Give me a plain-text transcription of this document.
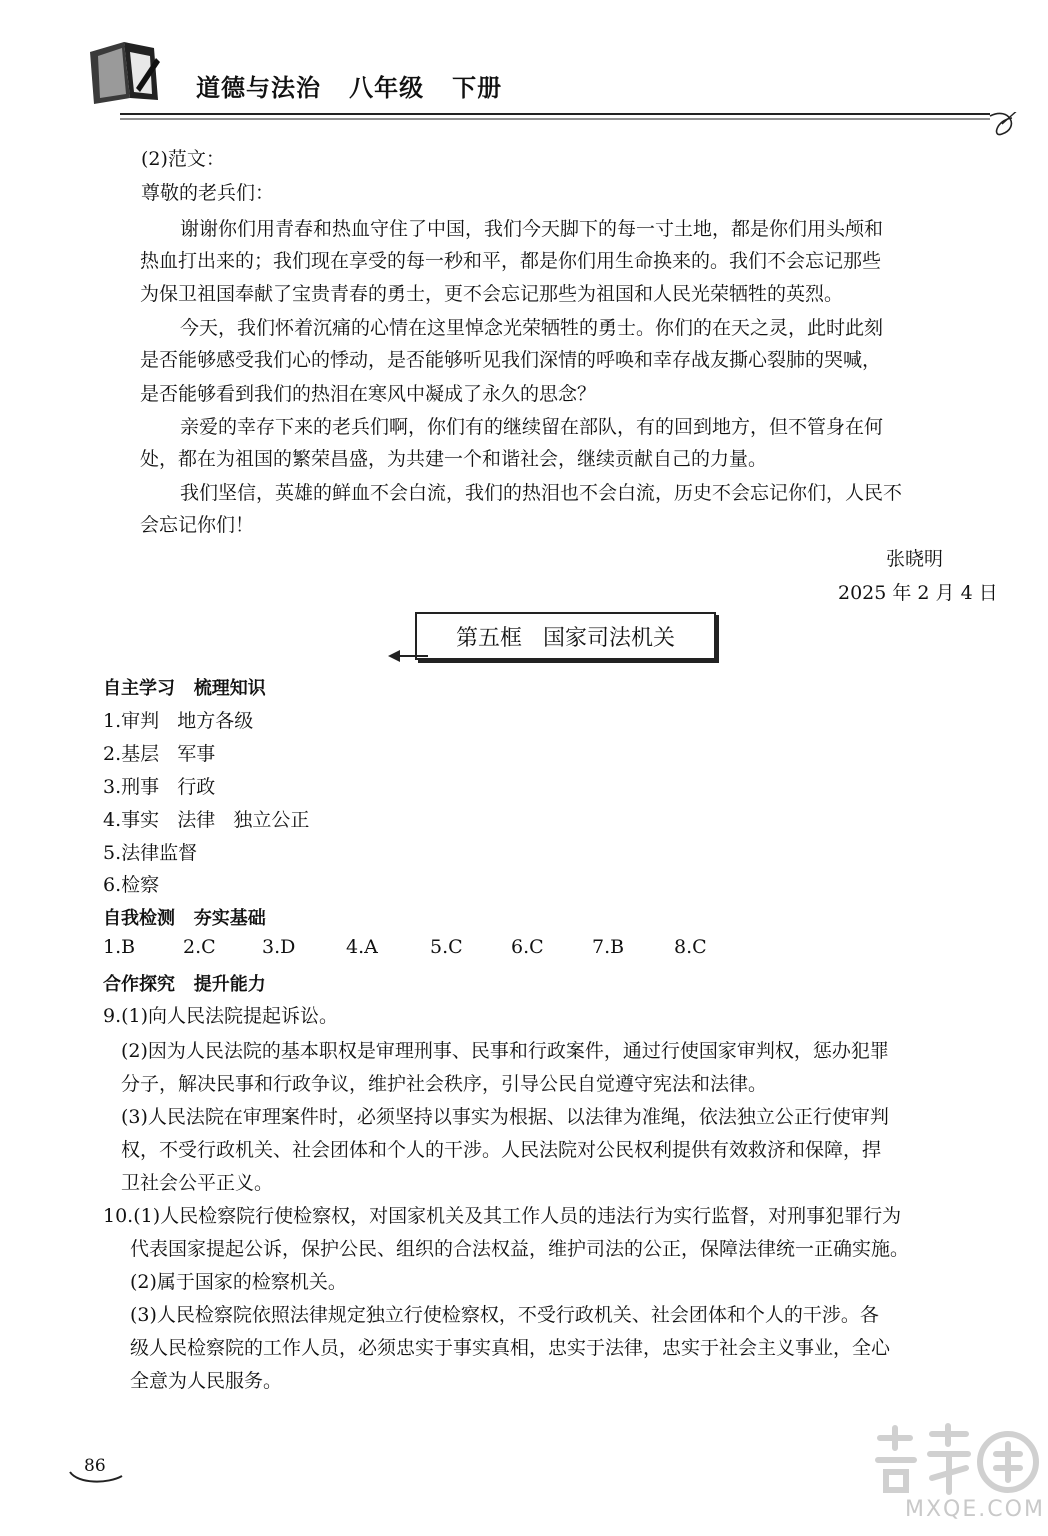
道德与法治   八年级   下册
(2)范文：
尊敬的老兵们：
谢谢你们用青春和热血守住了中国，我们今天脚下的每一寸土地，都是你们用头颅和
热血打出来的；我们现在享受的每一秒和平，都是你们用生命换来的。我们不会忘记那些
为保卫祖国奉献了宝贵青春的勇士，更不会忘记那些为祖国和人民光荣牺牲的英烈。
今天，我们怀着沉痛的心情在这里悼念光荣牺牲的勇士。你们的在天之灵，此时此刻
是否能够感受我们心的悸动，是否能够听见我们深情的呼唤和幸存战友撕心裂肺的哭喊，
是否能够看到我们的热泪在寒风中凝成了永久的思念？
亲爱的幸存下来的老兵们啊，你们有的继续留在部队，有的回到地方，但不管身在何
处，都在为祖国的繁荣昌盛，为共建一个和谐社会，继续贡献自己的力量。
我们坚信，英雄的鲜血不会白流，我们的热泪也不会白流，历史不会忘记你们，人民不
会忘记你们！
张晓明
2025 年 2 月 4 日
第五框   国家司法机关
自主学习   梳理知识
1.审判   地方各级
2.基层   军事
3.刑事   行政
4.事实   法律   独立公正
5.法律监督
6.检察
自我检测   夯实基础
1.B	2.C 3.D	4.A	5.C	6.C	7.B	8.C
合作探究   提升能力
9.(1)向人民法院提起诉讼。
(2)因为人民法院的基本职权是审理刑事、民事和行政案件，通过行使国家审判权，惩办犯罪
分子，解决民事和行政争议，维护社会秩序，引导公民自觉遵守宪法和法律。
(3)人民法院在审理案件时，必须坚持以事实为根据、以法律为准绳，依法独立公正行使审判
权，不受行政机关、社会团体和个人的干涉。人民法院对公民权利提供有效救济和保障，捍
卫社会公平正义。
10.(1)人民检察院行使检察权，对国家机关及其工作人员的违法行为实行监督，对刑事犯罪行为
代表国家提起公诉，保护公民、组织的合法权益，维护司法的公正，保障法律统一正确实施。
(2)属于国家的检察机关。
(3)人民检察院依照法律规定独立行使检察权，不受行政机关、社会团体和个人的干涉。各
级人民检察院的工作人员，必须忠实于事实真相，忠实于法律，忠实于社会主义事业，全心
全意为人民服务。
86
MXQE.COM
